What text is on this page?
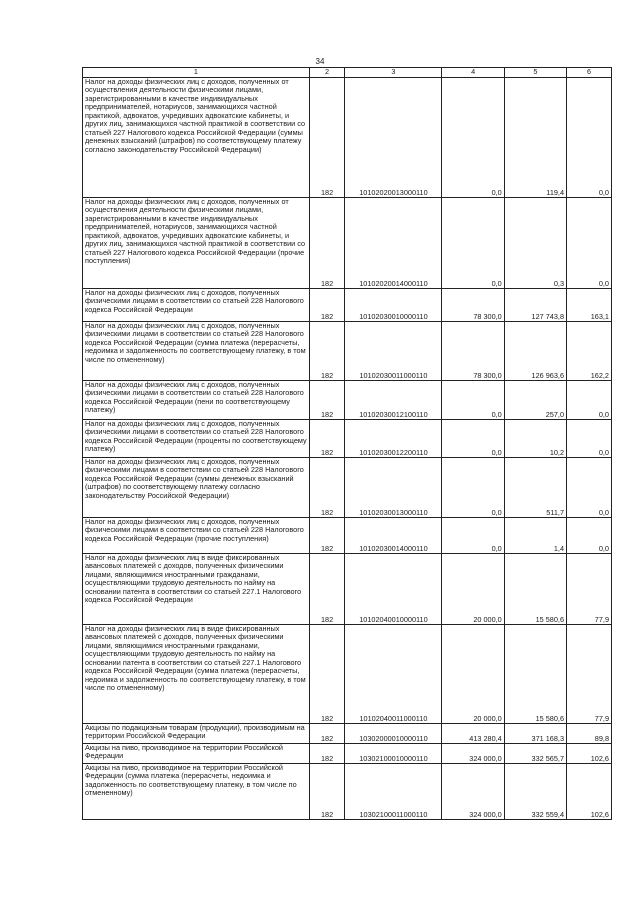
34
1	2	3	4	5	6
Налог на доходы физических лиц с доходов, полученных от осуществления деятельности физическими лицами, зарегистрированными в качестве индивидуальных предпринимателей, нотариусов, занимающихся частной практикой, адвокатов, учредивших адвокатские кабинеты, и других лиц, занимающихся частной практикой в соответствии со статьей 227 Налогового кодекса Российской Федерации (суммы денежных взысканий (штрафов) по соответствующему платежу согласно законодательству Российской Федерации)	182	10102020013000110	0,0	119,4	0,0
Налог на доходы физических лиц с доходов, полученных от осуществления деятельности физическими лицами, зарегистрированными в качестве индивидуальных предпринимателей, нотариусов, занимающихся частной практикой, адвокатов, учредивших адвокатские кабинеты, и других лиц, занимающихся частной практикой в соответствии со статьей 227 Налогового кодекса Российской Федерации (прочие поступления)	182	10102020014000110	0,0	0,3	0,0
Налог на доходы физических лиц с доходов, полученных физическими лицами в соответствии со статьей 228 Налогового кодекса Российской Федерации	182	10102030010000110	78 300,0	127 743,8	163,1
Налог на доходы физических лиц с доходов, полученных физическими лицами в соответствии со статьей 228 Налогового кодекса Российской Федерации (сумма платежа (перерасчеты, недоимка и задолженность по соответствующему платежу, в том числе по отмененному)	182	10102030011000110	78 300,0	126 963,6	162,2
Налог на доходы физических лиц с доходов, полученных физическими лицами в соответствии со статьей 228 Налогового кодекса Российской Федерации (пени по соответствующему платежу)	182	10102030012100110	0,0	257,0	0,0
Налог на доходы физических лиц с доходов, полученных физическими лицами в соответствии со статьей 228 Налогового кодекса Российской Федерации (проценты по соответствующему платежу)	182	10102030012200110	0,0	10,2	0,0
Налог на доходы физических лиц с доходов, полученных физическими лицами в соответствии со статьей 228 Налогового кодекса Российской Федерации (суммы денежных взысканий (штрафов) по соответствующему платежу согласно законодательству Российской Федерации)	182	10102030013000110	0,0	511,7	0,0
Налог на доходы физических лиц с доходов, полученных физическими лицами в соответствии со статьей 228 Налогового кодекса Российской Федерации (прочие поступления)	182	10102030014000110	0,0	1,4	0,0
Налог на доходы физических лиц в виде фиксированных авансовых платежей с доходов, полученных физическими лицами, являющимися иностранными гражданами, осуществляющими трудовую деятельность по найму на основании патента в соответствии со статьей 227.1 Налогового кодекса Российской Федерации	182	10102040010000110	20 000,0	15 580,6	77,9
Налог на доходы физических лиц в виде фиксированных авансовых платежей с доходов, полученных физическими лицами, являющимися иностранными гражданами, осуществляющими трудовую деятельность по найму на основании патента в соответствии со статьей 227.1 Налогового кодекса Российской Федерации (сумма платежа (перерасчеты, недоимка и задолженность по соответствующему платежу, в том числе по отмененному)	182	10102040011000110	20 000,0	15 580,6	77,9
Акцизы по подакцизным товарам (продукции), производимым на территории Российской Федерации	182	10302000010000110	413 280,4	371 168,3	89,8
Акцизы на пиво, производимое на территории Российской Федерации	182	10302100010000110	324 000,0	332 565,7	102,6
Акцизы на пиво, производимое на территории Российской Федерации (сумма платежа (перерасчеты, недоимка и задолженность по соответствующему платежу, в том числе по отмененному)	182	10302100011000110	324 000,0	332 559,4	102,6
